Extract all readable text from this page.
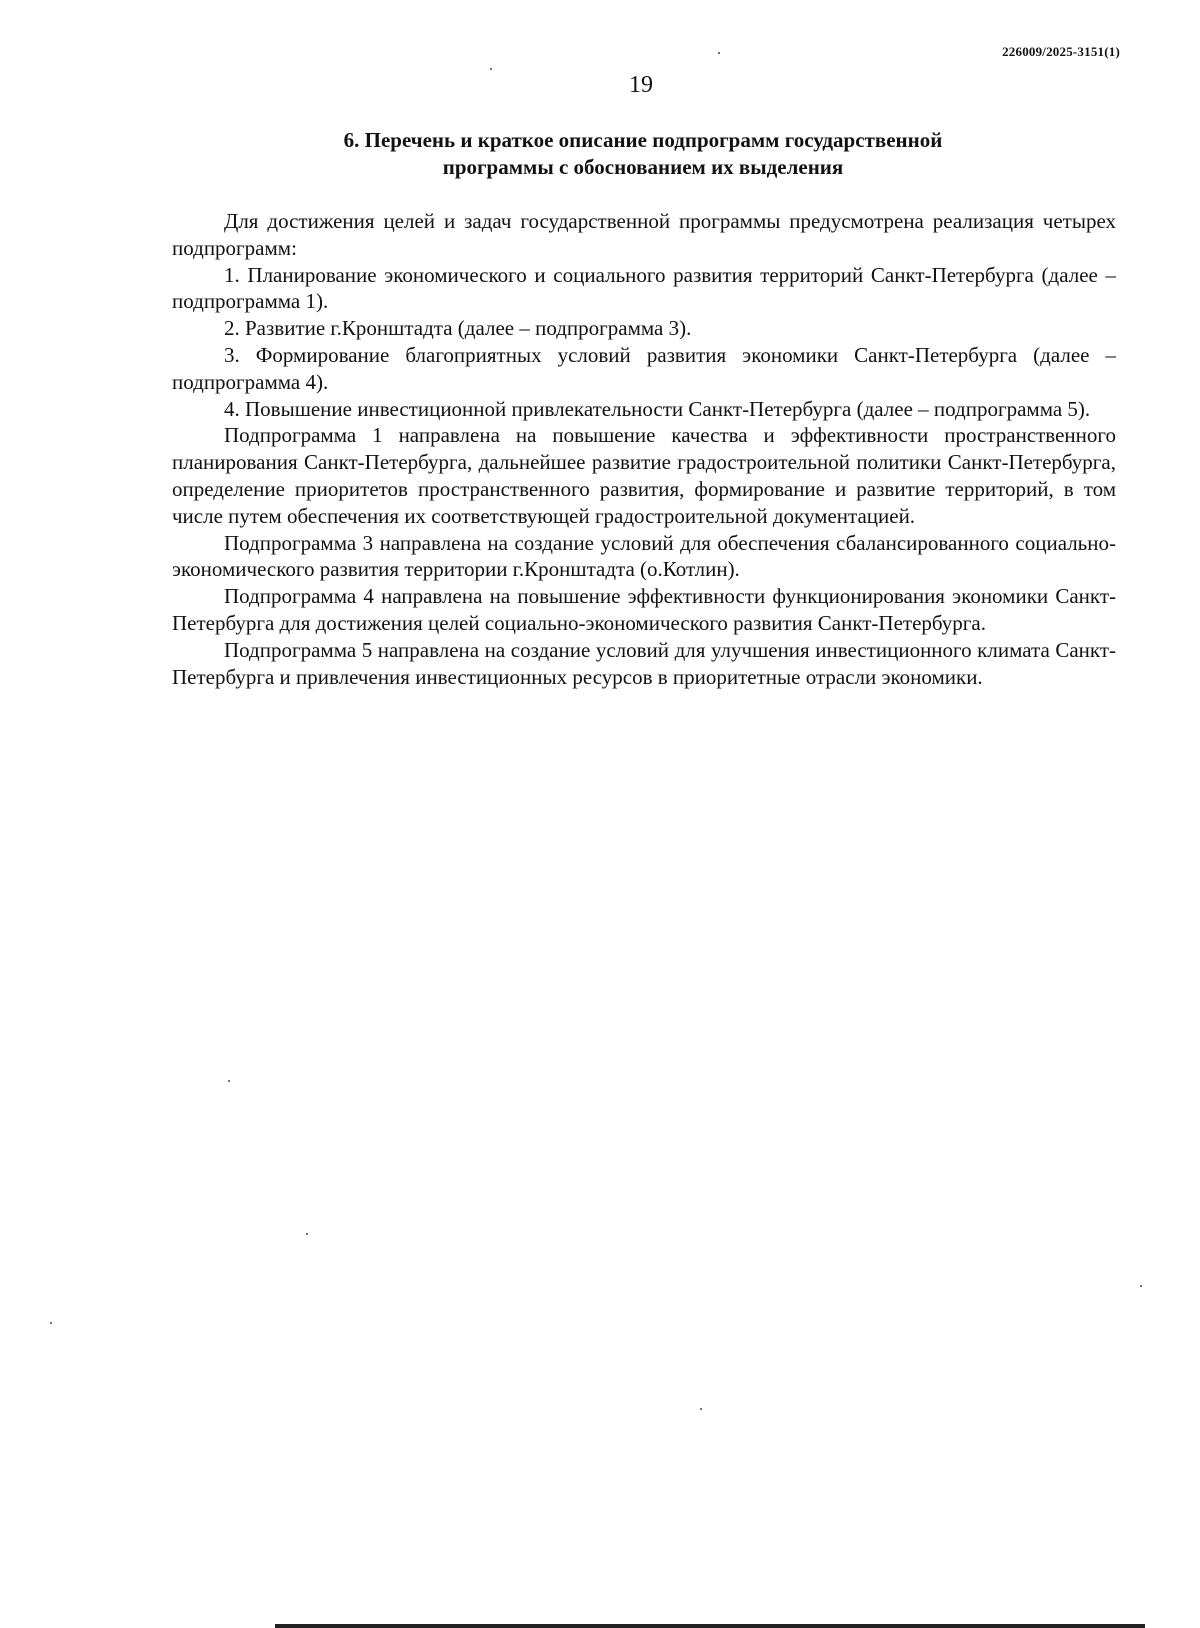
226009/2025-3151(1)
19
6. Перечень и краткое описание подпрограмм государственной
программы с обоснованием их выделения

Для достижения целей и задач государственной программы предусмотрена реализация четырех подпрограмм:

1. Планирование экономического и социального развития территорий Санкт-Петербурга (далее – подпрограмма 1).

2. Развитие г.Кронштадта (далее – подпрограмма 3).

3. Формирование благоприятных условий развития экономики Санкт-Петербурга (далее – подпрограмма 4).

4. Повышение инвестиционной привлекательности Санкт-Петербурга (далее – подпрограмма 5).

Подпрограмма 1 направлена на повышение качества и эффективности пространственного планирования Санкт-Петербурга, дальнейшее развитие градостроительной политики Санкт-Петербурга, определение приоритетов пространственного развития, формирование и развитие территорий, в том числе путем обеспечения их соответствующей градостроительной документацией.

Подпрограмма 3 направлена на создание условий для обеспечения сбалансированного социально-экономического развития территории г.Кронштадта (о.Котлин).

Подпрограмма 4 направлена на повышение эффективности функционирования экономики Санкт-Петербурга для достижения целей социально-экономического развития Санкт-Петербурга.

Подпрограмма 5 направлена на создание условий для улучшения инвестиционного климата Санкт-Петербурга и привлечения инвестиционных ресурсов в приоритетные отрасли экономики.
